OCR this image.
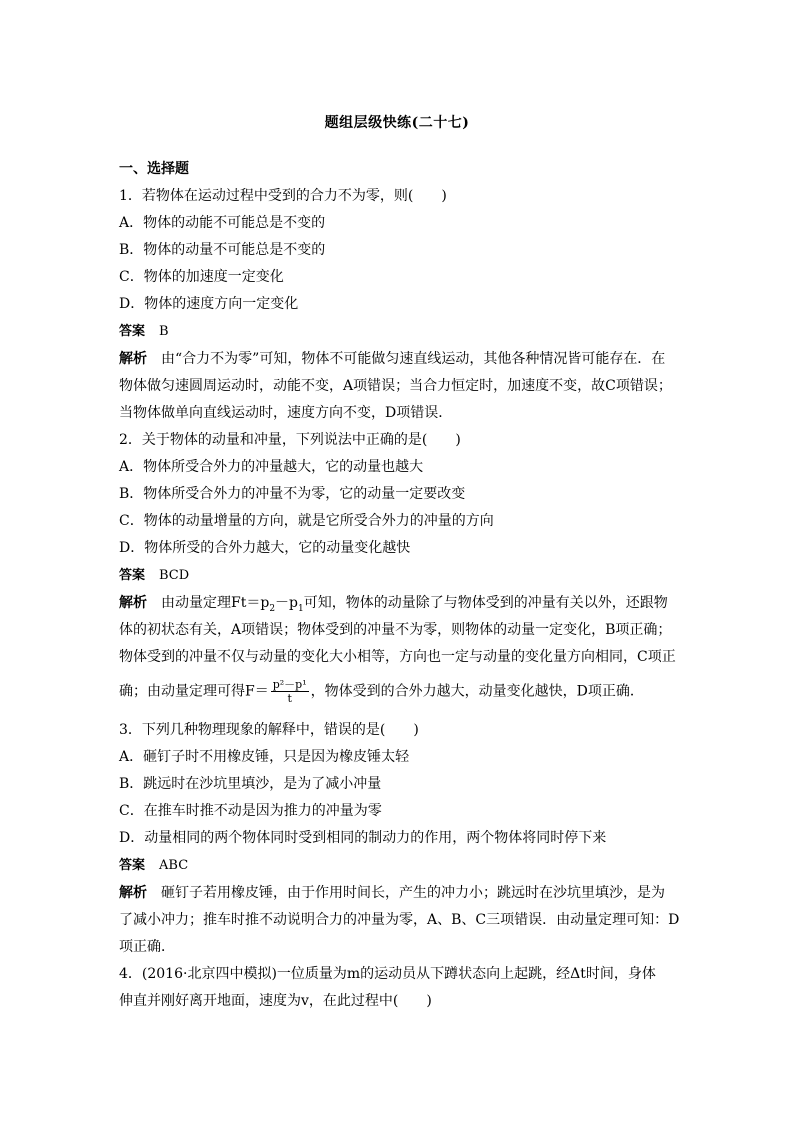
题组层级快练(二十七)
一、选择题
1．若物体在运动过程中受到的合力不为零，则(　　)
A．物体的动能不可能总是不变的
B．物体的动量不可能总是不变的
C．物体的加速度一定变化
D．物体的速度方向一定变化
答案 B
解析 由“合力不为零”可知，物体不可能做匀速直线运动，其他各种情况皆可能存在．在
物体做匀速圆周运动时，动能不变，A项错误；当合力恒定时，加速度不变，故C项错误；
当物体做单向直线运动时，速度方向不变，D项错误．
2．关于物体的动量和冲量，下列说法中正确的是(　　)
A．物体所受合外力的冲量越大，它的动量也越大
B．物体所受合外力的冲量不为零，它的动量一定要改变
C．物体的动量增量的方向，就是它所受合外力的冲量的方向
D．物体所受的合外力越大，它的动量变化越快
答案 BCD
解析 由动量定理$Ft=p_2-p_1$可知，物体的动量除了与物体受到的冲量有关以外，还跟物
体的初状态有关，A项错误；物体受到的冲量不为零，则物体的动量一定变化，B项正确；
物体受到的冲量不仅与动量的变化大小相等，方向也一定与动量的变化量方向相同，C项正
确；由动量定理可得$F= \frac{\text{p²－p¹}}{t}$ ，物体受到的合外力越大，动量变化越快，D项正确．
3．下列几种物理现象的解释中，错误的是(　　)
A．砸钉子时不用橡皮锤，只是因为橡皮锤太轻
B．跳远时在沙坑里填沙，是为了减小冲量
C．在推车时推不动是因为推力的冲量为零
D．动量相同的两个物体同时受到相同的制动力的作用，两个物体将同时停下来
答案 ABC
解析 砸钉子若用橡皮锤，由于作用时间长，产生的冲力小；跳远时在沙坑里填沙，是为
了减小冲力；推车时推不动说明合力的冲量为零，A、B、C三项错误．由动量定理可知：D
项正确．
4．(2016·北京四中模拟)一位质量为m的运动员从下蹲状态向上起跳，经Δt时间，身体
伸直并刚好离开地面，速度为v，在此过程中(　　)
